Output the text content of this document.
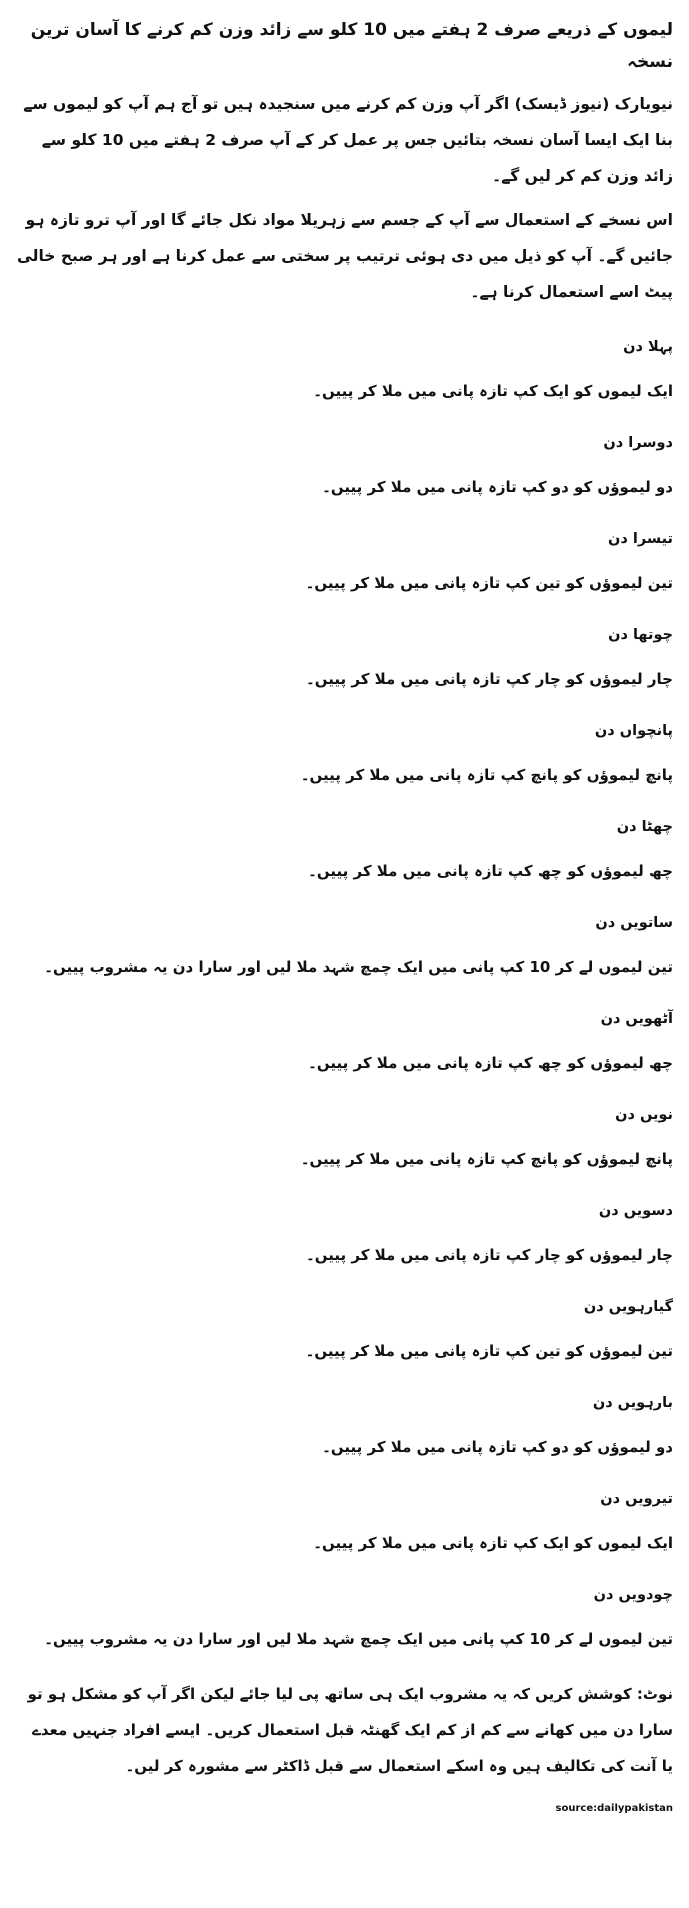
لیموں کے ذریعے صرف 2 ہفتے میں 10 کلو سے زائد وزن کم کرنے کا آسان ترین نسخہ
نیویارک (نیوز ڈیسک) اگر آپ وزن کم کرنے میں سنجیدہ ہیں تو آج ہم آپ کو لیموں سے بنا ایک ایسا آسان نسخہ بتائیں جس پر عمل کر کے آپ صرف 2 ہفتے میں 10 کلو سے زائد وزن کم کر لیں گے۔
اس نسخے کے استعمال سے آپ کے جسم سے زہریلا مواد نکل جائے گا اور آپ ترو تازہ ہو جائیں گے۔ آپ کو ذیل میں دی ہوئی ترتیب پر سختی سے عمل کرنا ہے اور ہر صبح خالی پیٹ اسے استعمال کرنا ہے۔
پہلا دن
ایک لیموں کو ایک کپ تازہ پانی میں ملا کر پییں۔
دوسرا دن
دو لیموؤں کو دو کپ تازہ پانی میں ملا کر پییں۔
تیسرا دن
تین لیموؤں کو تین کپ تازہ پانی میں ملا کر پییں۔
چوتھا دن
چار لیموؤں کو چار کپ تازہ پانی میں ملا کر پییں۔
پانچواں دن
پانچ لیموؤں کو پانچ کپ تازہ پانی میں ملا کر پییں۔
چھٹا دن
چھ لیموؤں کو چھ کپ تازہ پانی میں ملا کر پییں۔
ساتویں دن
تین لیموں لے کر 10 کپ پانی میں ایک چمچ شہد ملا لیں اور سارا دن یہ مشروب پییں۔
آٹھویں دن
چھ لیموؤں کو چھ کپ تازہ پانی میں ملا کر پییں۔
نویں دن
پانچ لیموؤں کو پانچ کپ تازہ پانی میں ملا کر پییں۔
دسویں دن
چار لیموؤں کو چار کپ تازہ پانی میں ملا کر پییں۔
گیارہویں دن
تین لیموؤں کو تین کپ تازہ پانی میں ملا کر پییں۔
بارہویں دن
دو لیموؤں کو دو کپ تازہ پانی میں ملا کر پییں۔
تیرویں دن
ایک لیموں کو ایک کپ تازہ پانی میں ملا کر پییں۔
چودویں دن
تین لیموں لے کر 10 کپ پانی میں ایک چمچ شہد ملا لیں اور سارا دن یہ مشروب پییں۔
نوٹ: کوشش کریں کہ یہ مشروب ایک ہی ساتھ پی لیا جائے لیکن اگر آپ کو مشکل ہو تو سارا دن میں کھانے سے کم از کم ایک گھنٹہ قبل استعمال کریں۔ ایسے افراد جنہیں معدے یا آنت کی تکالیف ہیں وہ اسکے استعمال سے قبل ڈاکٹر سے مشورہ کر لیں۔
source:dailypakistan
